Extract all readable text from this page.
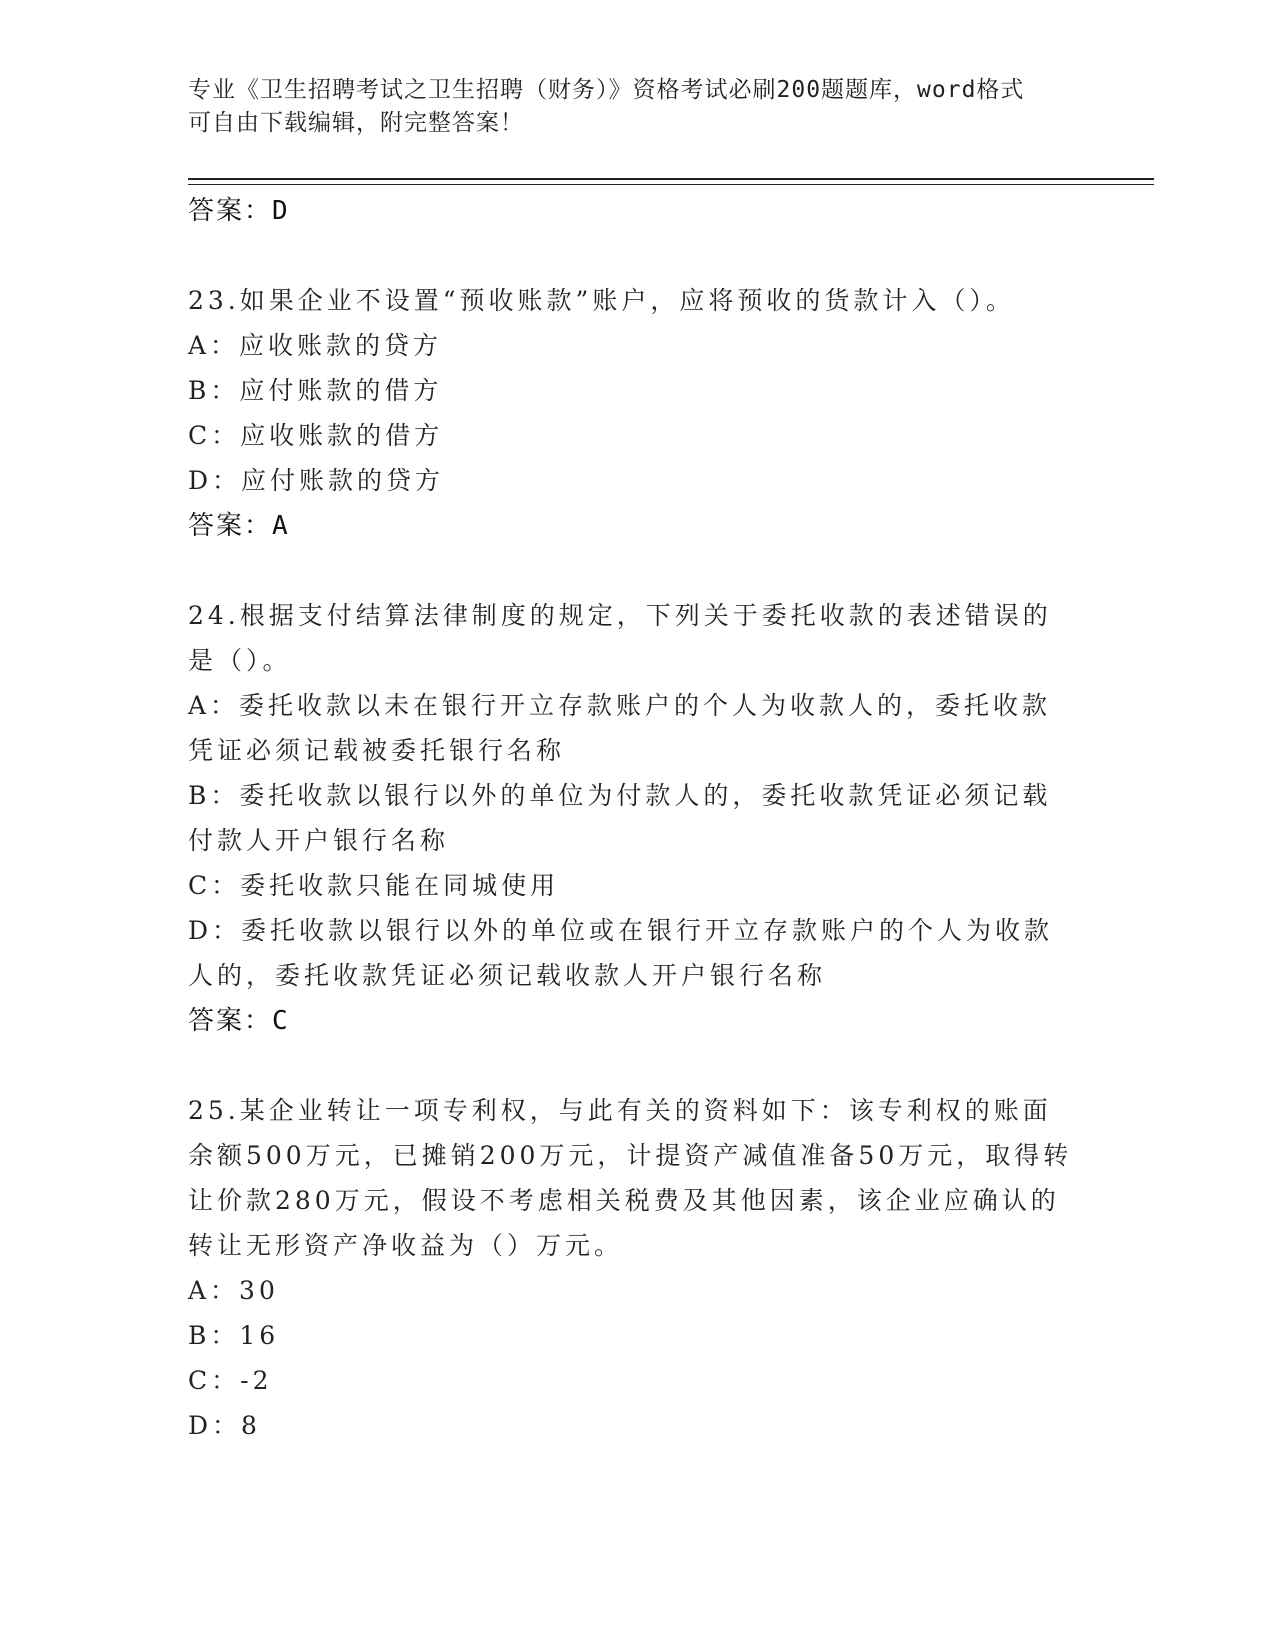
专业《卫生招聘考试之卫生招聘（财务）》资格考试必刷200题题库，word格式
可自由下载编辑，附完整答案！
答案：D
23.如果企业不设置“预收账款”账户，应将预收的货款计入（）。
A：应收账款的贷方
B：应付账款的借方
C：应收账款的借方
D：应付账款的贷方
答案：A
24.根据支付结算法律制度的规定，下列关于委托收款的表述错误的是（）。
A：委托收款以未在银行开立存款账户的个人为收款人的，委托收款凭证必须记载被委托银行名称
B：委托收款以银行以外的单位为付款人的，委托收款凭证必须记载付款人开户银行名称
C：委托收款只能在同城使用
D：委托收款以银行以外的单位或在银行开立存款账户的个人为收款人的，委托收款凭证必须记载收款人开户银行名称
答案：C
25.某企业转让一项专利权，与此有关的资料如下：该专利权的账面余额500万元，已摊销200万元，计提资产减值准备50万元，取得转让价款280万元，假设不考虑相关税费及其他因素，该企业应确认的转让无形资产净收益为（）万元。
A：30
B：16
C：-2
D：8
